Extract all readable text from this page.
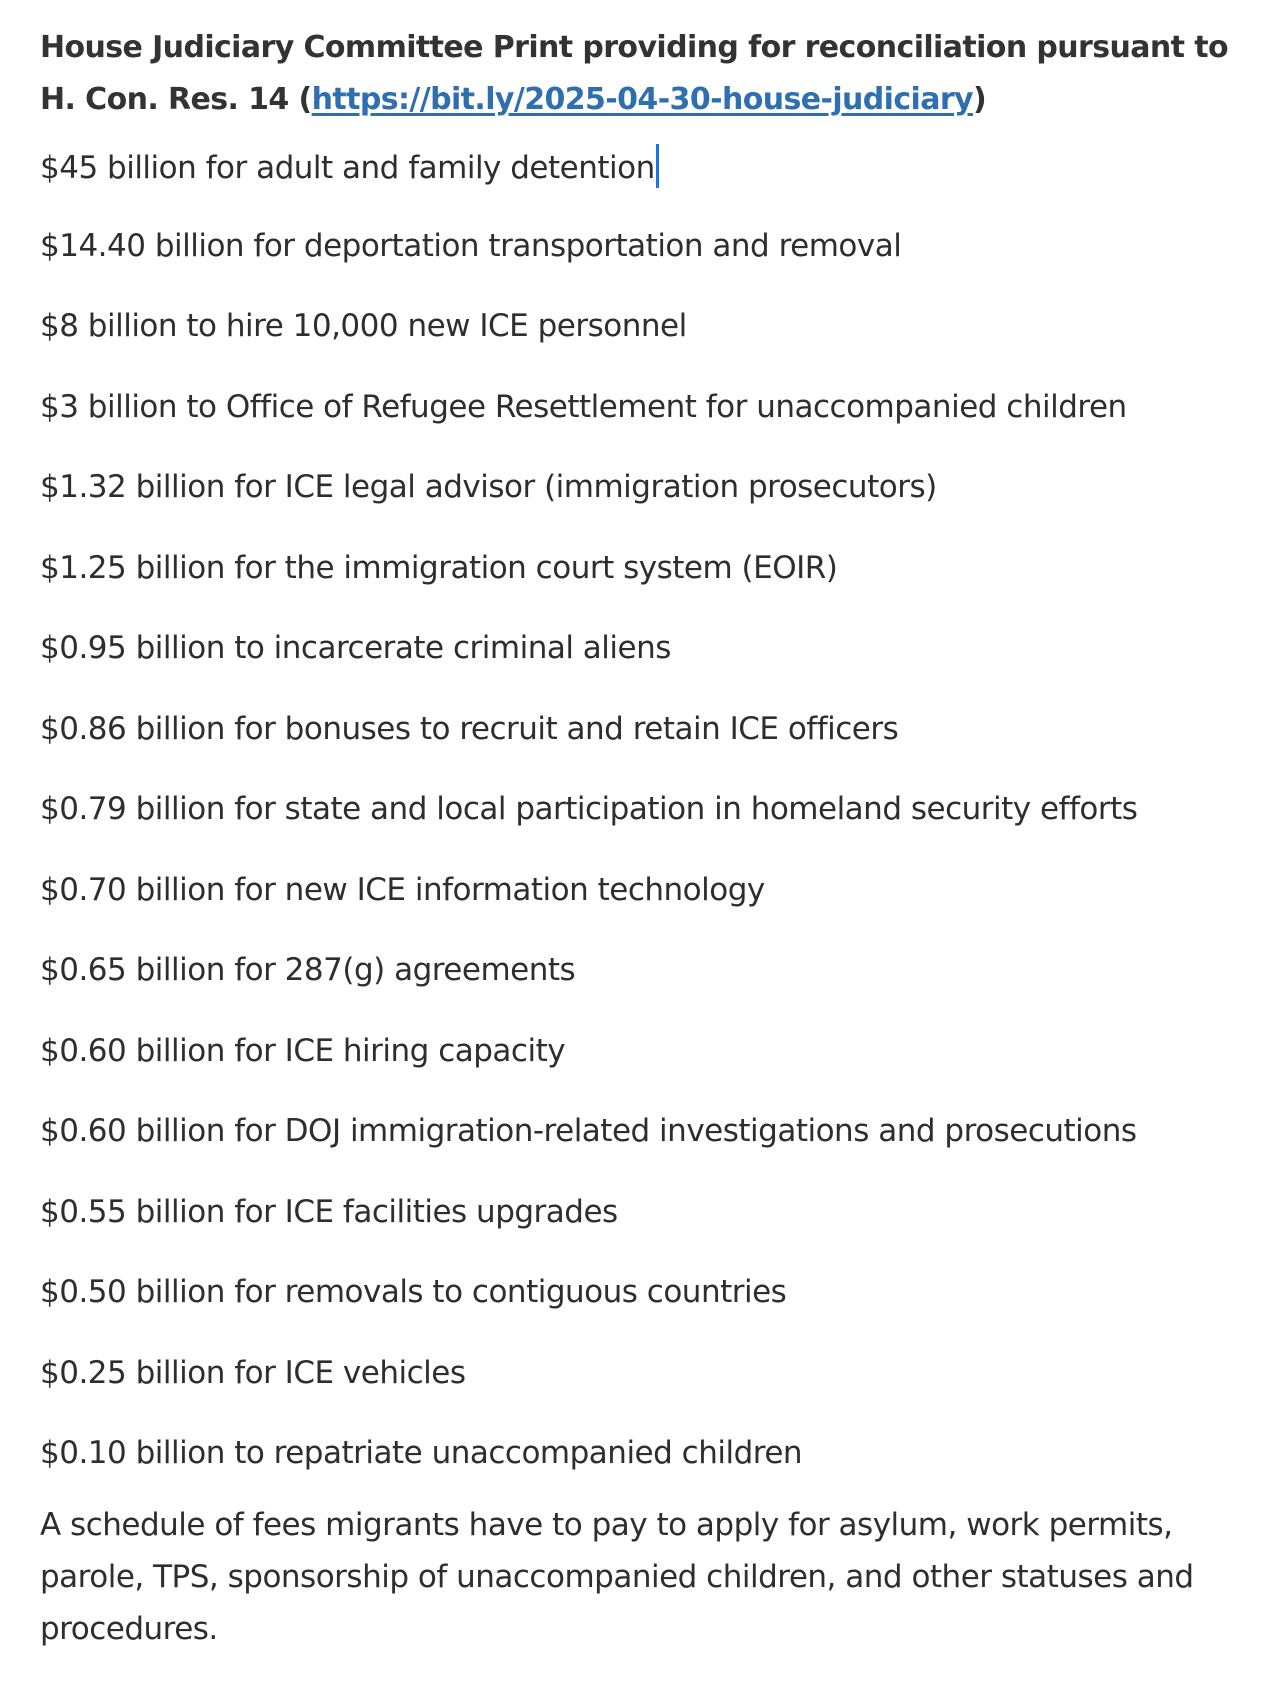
House Judiciary Committee Print providing for reconciliation pursuant to
H. Con. Res. 14 (https://bit.ly/2025-04-30-house-judiciary)
$45 billion for adult and family detention
$14.40 billion for deportation transportation and removal
$8 billion to hire 10,000 new ICE personnel
$3 billion to Office of Refugee Resettlement for unaccompanied children
$1.32 billion for ICE legal advisor (immigration prosecutors)
$1.25 billion for the immigration court system (EOIR)
$0.95 billion to incarcerate criminal aliens
$0.86 billion for bonuses to recruit and retain ICE officers
$0.79 billion for state and local participation in homeland security efforts
$0.70 billion for new ICE information technology
$0.65 billion for 287(g) agreements
$0.60 billion for ICE hiring capacity
$0.60 billion for DOJ immigration-related investigations and prosecutions
$0.55 billion for ICE facilities upgrades
$0.50 billion for removals to contiguous countries
$0.25 billion for ICE vehicles
$0.10 billion to repatriate unaccompanied children

A schedule of fees migrants have to pay to apply for asylum, work permits, parole, TPS, sponsorship of unaccompanied children, and other statuses and procedures.
